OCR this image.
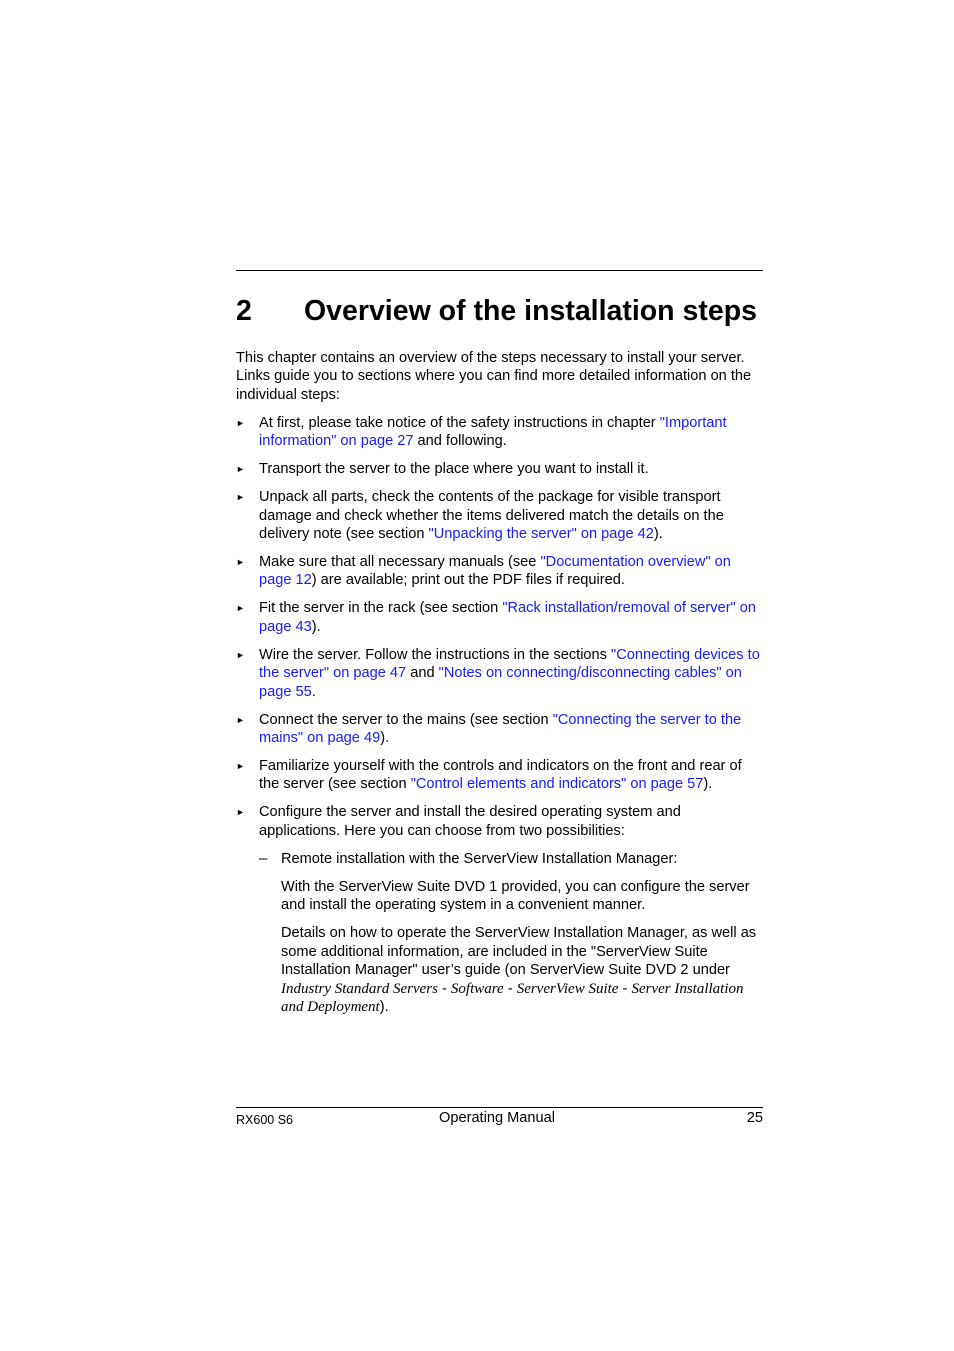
2 Overview of the installation steps

This chapter contains an overview of the steps necessary to install your server. Links guide you to sections where you can find more detailed information on the individual steps:

► At first, please take notice of the safety instructions in chapter "Important information" on page 27 and following.
► Transport the server to the place where you want to install it.
► Unpack all parts, check the contents of the package for visible transport damage and check whether the items delivered match the details on the delivery note (see section "Unpacking the server" on page 42).
► Make sure that all necessary manuals (see "Documentation overview" on page 12) are available; print out the PDF files if required.
► Fit the server in the rack (see section "Rack installation/removal of server" on page 43).
► Wire the server. Follow the instructions in the sections "Connecting devices to the server" on page 47 and "Notes on connecting/disconnecting cables" on page 55.
► Connect the server to the mains (see section "Connecting the server to the mains" on page 49).
► Familiarize yourself with the controls and indicators on the front and rear of the server (see section "Control elements and indicators" on page 57).
► Configure the server and install the desired operating system and applications. Here you can choose from two possibilities:
– Remote installation with the ServerView Installation Manager:

With the ServerView Suite DVD 1 provided, you can configure the server and install the operating system in a convenient manner.

Details on how to operate the ServerView Installation Manager, as well as some additional information, are included in the "ServerView Suite Installation Manager" user’s guide (on ServerView Suite DVD 2 under Industry Standard Servers - Software - ServerView Suite - Server Installation and Deployment).

RX600 S6	Operating Manual	25
